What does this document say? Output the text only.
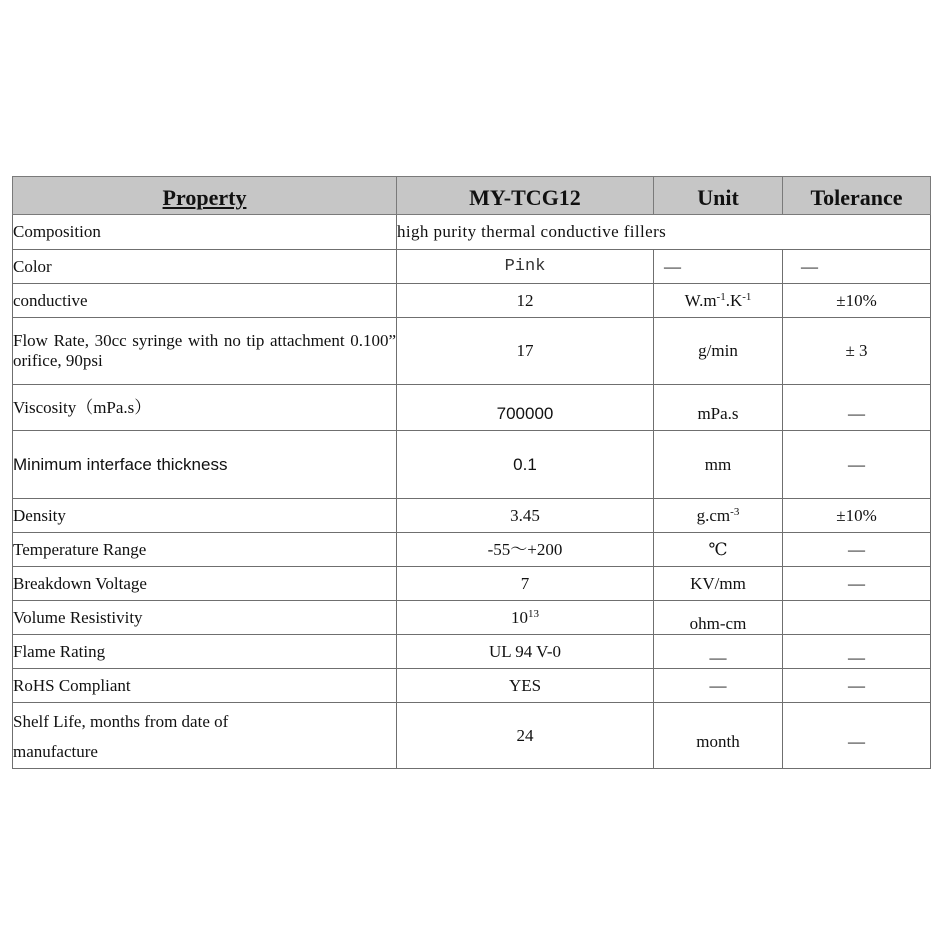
Property	MY-TCG12	Unit	Tolerance
Composition	high purity thermal conductive fillers		
Color	Pink	—	—
conductive	12	$W.m^{-1}.K^{-1}$	±10%
Flow Rate, 30cc syringe with no tip attachment 0.100” orifice, 90psi	17	g/min	± 3
Viscosity（mPa.s）	700000	mPa.s	—
Minimum interface thickness	0.1	mm	—
Density	3.45	$g.cm^{-3}$	±10%
Temperature Range	-55～+200	℃	—
Breakdown Voltage	7	KV/mm	—
Volume Resistivity	$10^{13}$	ohm-cm	
Flame Rating	UL 94 V-0	—	—
RoHS Compliant	YES	—	—

Shelf Life, months from date of
manufacture	24	month	—
